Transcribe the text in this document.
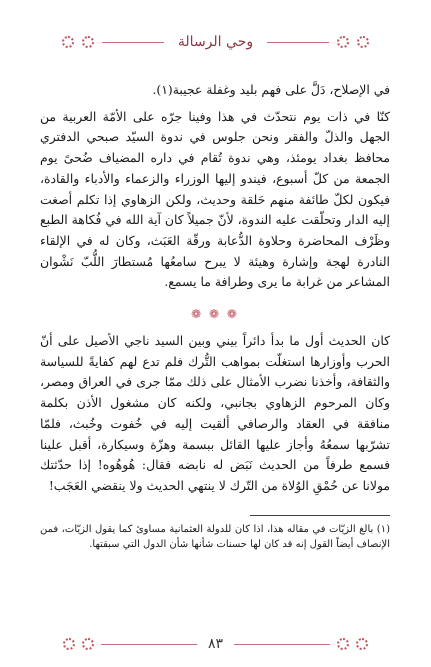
وحي الرسالة

في الإصلاح، دَلَّ على فهم بليد وغفلة عجيبة(١).

كنّا في ذات يوم نتحدّث في هذا وفينا جرّه على الأمّة العربية من الجهل والذلّ والفقر ونحن جلوس في ندوة السيّد صبحي الدفتري محافظ بغداد يومئذ، وهي ندوة تُقام في داره المضياف ضُحىً يوم الجمعة من كلّ أسبوع، فيندو إليها الوزراء والزعماء والأدباء والقادة، فيكون لكلّ طائفة منهم حَلقة وحديث، ولكن الزهاوي إذا تكلم أصغت إليه الدار وتحلّقت عليه الندوة، لأنّ جميلاً كان آية الله في فُكاهة الطبع وظَرْف المحاضرة وحلاوة الدُّعابة ورقّة العَبَث، وكان له في الإلقاء النادرة لهجة وإشارة وهيئة لا يبرح سامعُها مُستطارَ اللُّبّ نَشْوان المشاعر من غرابة ما يرى وطرافة ما يسمع.

❁ ❁ ❁

كان الحديث أول ما بدأ دائراً بيني وبين السيد ناجي الأصيل على أنّ الحرب وأوزارها استغلّت بمواهب التُّرك فلم تدع لهم كفايةً للسياسة والثقافة، وأخذنا نضرب الأمثال على ذلك ممّا جرى في العراق ومصر، وكان المرحوم الزهاوي بجانبي، ولكنه كان مشغول الأذن بكلمة منافقة في العقاد والرصافي ألقيت إليه في خُفوت وخُبث، فلمّا تشرّبها سمعُهُ وأجاز عليها القائل ببسمة وهزّة وسيكارة، أقبل علينا فسمع طرفاً من الحديث نَبَض له نابضه فقال: هُوهُوه! إذا حدّثتك مولانا عن حُمْقِ الوُلاة من التّرك لا ينتهي الحديث ولا ينقضي العَجَب!

(١) بالغ الزيّات في مقاله هذا، اذا كان للدولة العثمانية مساوئ كما يقول الزيّات، فمن الإنصاف أيضاً القول إنه قد كان لها حسنات شأنها شأن الدول التي سبقتها.

٨٣
